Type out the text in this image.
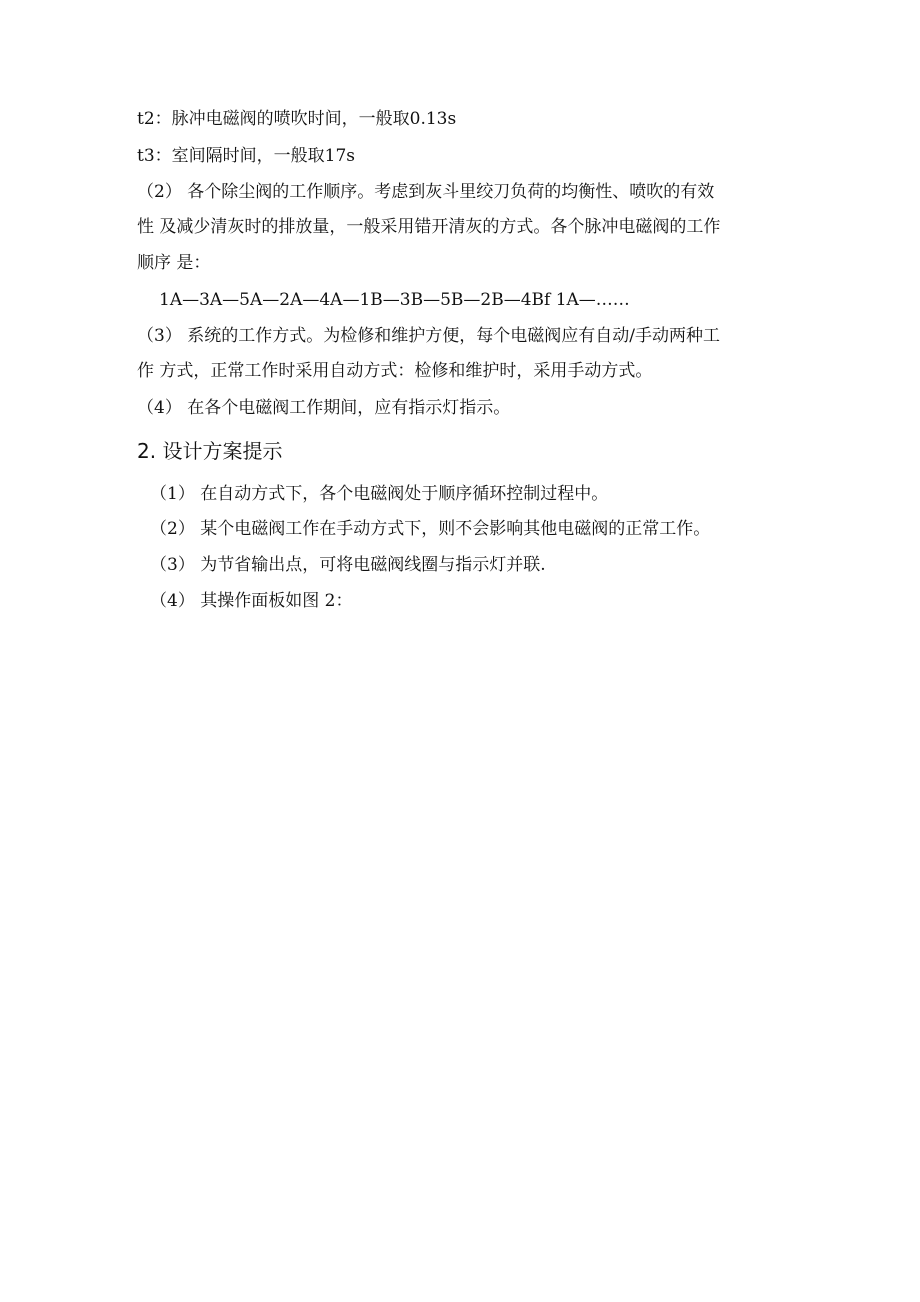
t2：脉冲电磁阀的喷吹时间，一般取0.13s
t3：室间隔时间，一般取17s
（2） 各个除尘阀的工作顺序。考虑到灰斗里绞刀负荷的均衡性、喷吹的有效
性 及减少清灰时的排放量，一般采用错开清灰的方式。各个脉冲电磁阀的工作
顺序 是：
1A—3A—5A—2A—4A—1B—3B—5B—2B—4Bf 1A—……
（3） 系统的工作方式。为检修和维护方便，每个电磁阀应有自动/手动两种工
作 方式，正常工作时采用自动方式：检修和维护时，采用手动方式。
（4） 在各个电磁阀工作期间，应有指示灯指示。
2. 设计方案提示
（1） 在自动方式下，各个电磁阀处于顺序循环控制过程中。
（2） 某个电磁阀工作在手动方式下，则不会影响其他电磁阀的正常工作。
（3） 为节省输出点，可将电磁阀线圈与指示灯并联.
（4） 其操作面板如图 2：
